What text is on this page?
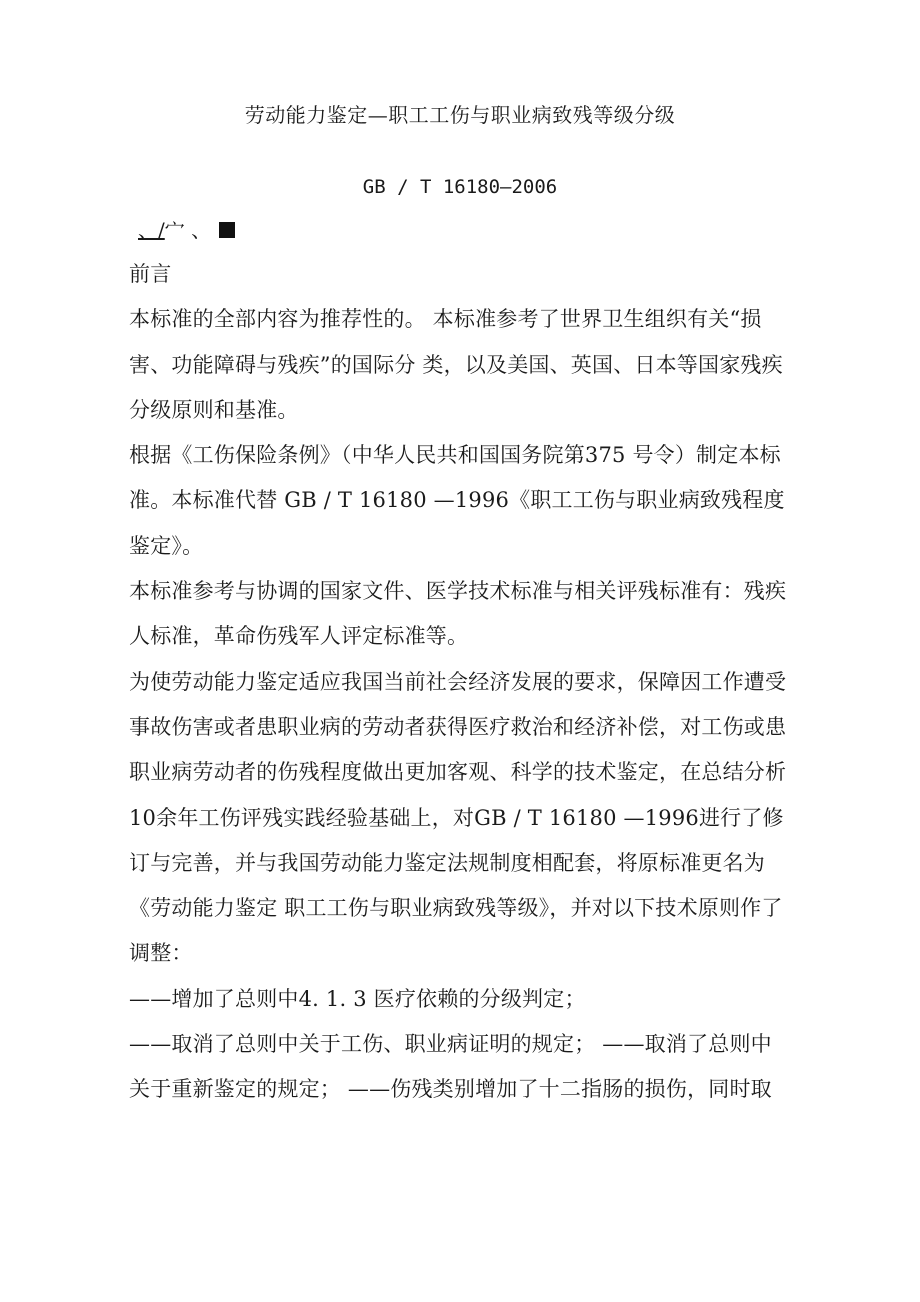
劳动能力鉴定—职工工伤与职业病致残等级分级
GB / T 16180—2006
、/宀 、

前言

本标准的全部内容为推荐性的。 本标准参考了世界卫生组织有关“损害、功能障碍与残疾”的国际分 类，以及美国、英国、日本等国家残疾分级原则和基准。

根据《工伤保险条例》（中华人民共和国国务院第375 号令）制定本标准。本标准代替 GB / T 16180 —1996《职工工伤与职业病致残程度鉴定》。

本标准参考与协调的国家文件、医学技术标准与相关评残标准有：残疾人标准，革命伤残军人评定标准等。

为使劳动能力鉴定适应我国当前社会经济发展的要求，保障因工作遭受事故伤害或者患职业病的劳动者获得医疗救治和经济补偿，对工伤或患职业病劳动者的伤残程度做出更加客观、科学的技术鉴定，在总结分析10余年工伤评残实践经验基础上，对GB / T 16180 —1996进行了修订与完善，并与我国劳动能力鉴定法规制度相配套，将原标准更名为《劳动能力鉴定 职工工伤与职业病致残等级》，并对以下技术原则作了调整：

——增加了总则中4. 1. 3 医疗依赖的分级判定；

——取消了总则中关于工伤、职业病证明的规定； ——取消了总则中关于重新鉴定的规定； ——伤残类别增加了十二指肠的损伤，同时取
